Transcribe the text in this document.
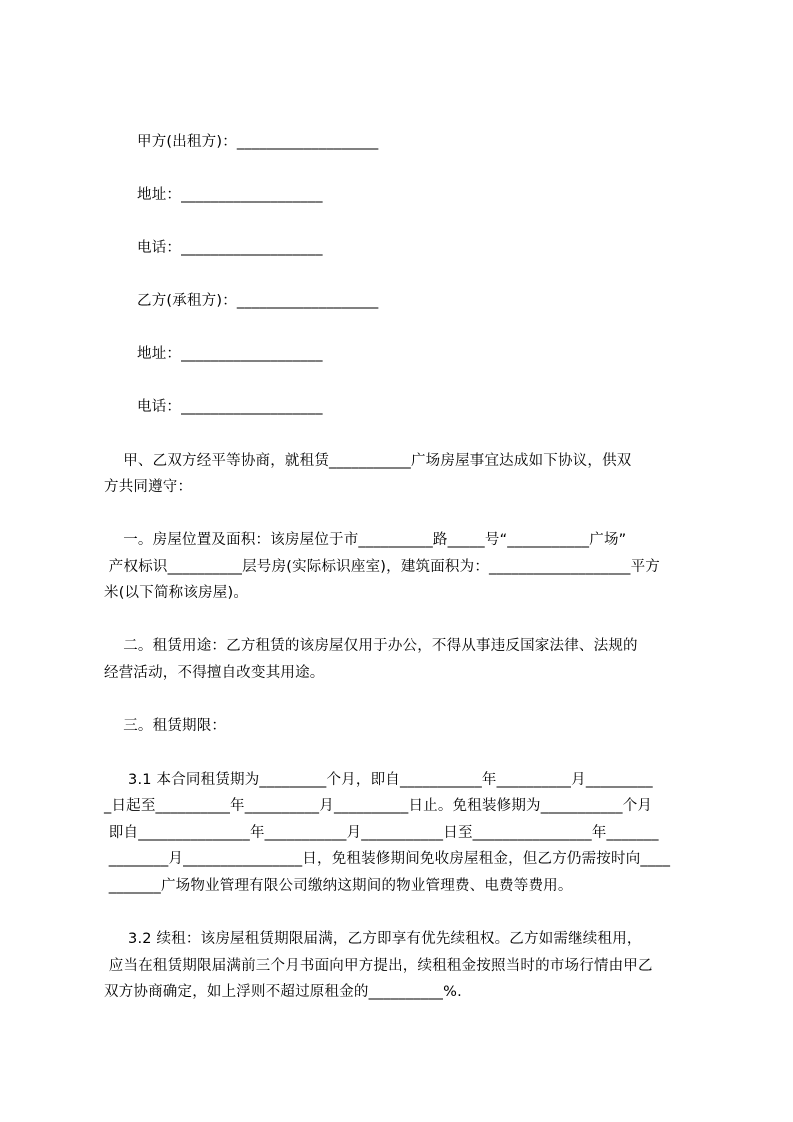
甲方(出租方)：___________________
地址：___________________
电话：___________________
乙方(承租方)：___________________
地址：___________________
电话：___________________
甲、乙双方经平等协商，就租赁___________广场房屋事宜达成如下协议，供双
方共同遵守：
一。房屋位置及面积：该房屋位于市__________路_____号“___________广场”
产权标识__________层号房(实际标识座室)，建筑面积为：___________________平方
米(以下简称该房屋)。
二。租赁用途：乙方租赁的该房屋仅用于办公，不得从事违反国家法律、法规的
经营活动，不得擅自改变其用途。
三。租赁期限：
3.1 本合同租赁期为_________个月，即自___________年__________月_________
_日起至__________年__________月__________日止。免租装修期为___________个月
即自_______________年___________月___________日至________________年_______
________月________________日，免租装修期间免收房屋租金，但乙方仍需按时向____
_______广场物业管理有限公司缴纳这期间的物业管理费、电费等费用。
3.2 续租：该房屋租赁期限届满，乙方即享有优先续租权。乙方如需继续租用，
应当在租赁期限届满前三个月书面向甲方提出，续租租金按照当时的市场行情由甲乙
双方协商确定，如上浮则不超过原租金的__________%.
